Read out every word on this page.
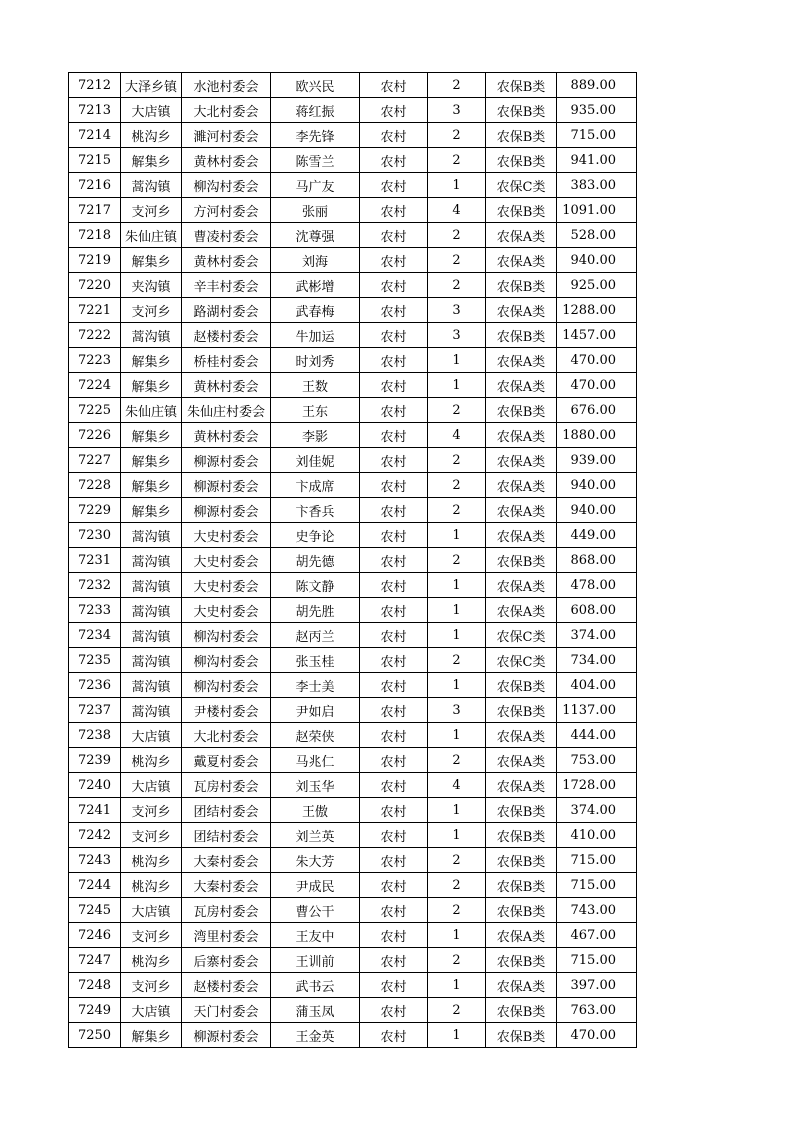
7212	大泽乡镇	水池村委会	欧兴民	农村	2	农保B类	889.00
7213	大店镇	大北村委会	蒋红振	农村	3	农保B类	935.00
7214	桃沟乡	濉河村委会	李先锋	农村	2	农保B类	715.00
7215	解集乡	黄林村委会	陈雪兰	农村	2	农保B类	941.00
7216	蒿沟镇	柳沟村委会	马广友	农村	1	农保C类	383.00
7217	支河乡	方河村委会	张丽	农村	4	农保B类	1091.00
7218	朱仙庄镇	曹凌村委会	沈尊强	农村	2	农保A类	528.00
7219	解集乡	黄林村委会	刘海	农村	2	农保A类	940.00
7220	夹沟镇	辛丰村委会	武彬增	农村	2	农保B类	925.00
7221	支河乡	路湖村委会	武春梅	农村	3	农保A类	1288.00
7222	蒿沟镇	赵楼村委会	牛加运	农村	3	农保B类	1457.00
7223	解集乡	桥桂村委会	时刘秀	农村	1	农保A类	470.00
7224	解集乡	黄林村委会	王数	农村	1	农保A类	470.00
7225	朱仙庄镇	朱仙庄村委会	王东	农村	2	农保B类	676.00
7226	解集乡	黄林村委会	李影	农村	4	农保A类	1880.00
7227	解集乡	柳源村委会	刘佳妮	农村	2	农保A类	939.00
7228	解集乡	柳源村委会	卞成席	农村	2	农保A类	940.00
7229	解集乡	柳源村委会	卞香兵	农村	2	农保A类	940.00
7230	蒿沟镇	大史村委会	史争论	农村	1	农保A类	449.00
7231	蒿沟镇	大史村委会	胡先德	农村	2	农保B类	868.00
7232	蒿沟镇	大史村委会	陈文静	农村	1	农保A类	478.00
7233	蒿沟镇	大史村委会	胡先胜	农村	1	农保A类	608.00
7234	蒿沟镇	柳沟村委会	赵丙兰	农村	1	农保C类	374.00
7235	蒿沟镇	柳沟村委会	张玉桂	农村	2	农保C类	734.00
7236	蒿沟镇	柳沟村委会	李士美	农村	1	农保B类	404.00
7237	蒿沟镇	尹楼村委会	尹如启	农村	3	农保B类	1137.00
7238	大店镇	大北村委会	赵荣侠	农村	1	农保A类	444.00
7239	桃沟乡	戴夏村委会	马兆仁	农村	2	农保A类	753.00
7240	大店镇	瓦房村委会	刘玉华	农村	4	农保A类	1728.00
7241	支河乡	团结村委会	王傲	农村	1	农保B类	374.00
7242	支河乡	团结村委会	刘兰英	农村	1	农保B类	410.00
7243	桃沟乡	大秦村委会	朱大芳	农村	2	农保B类	715.00
7244	桃沟乡	大秦村委会	尹成民	农村	2	农保B类	715.00
7245	大店镇	瓦房村委会	曹公干	农村	2	农保B类	743.00
7246	支河乡	湾里村委会	王友中	农村	1	农保A类	467.00
7247	桃沟乡	后寨村委会	王训前	农村	2	农保B类	715.00
7248	支河乡	赵楼村委会	武书云	农村	1	农保A类	397.00
7249	大店镇	天门村委会	蒲玉凤	农村	2	农保B类	763.00
7250	解集乡	柳源村委会	王金英	农村	1	农保B类	470.00
